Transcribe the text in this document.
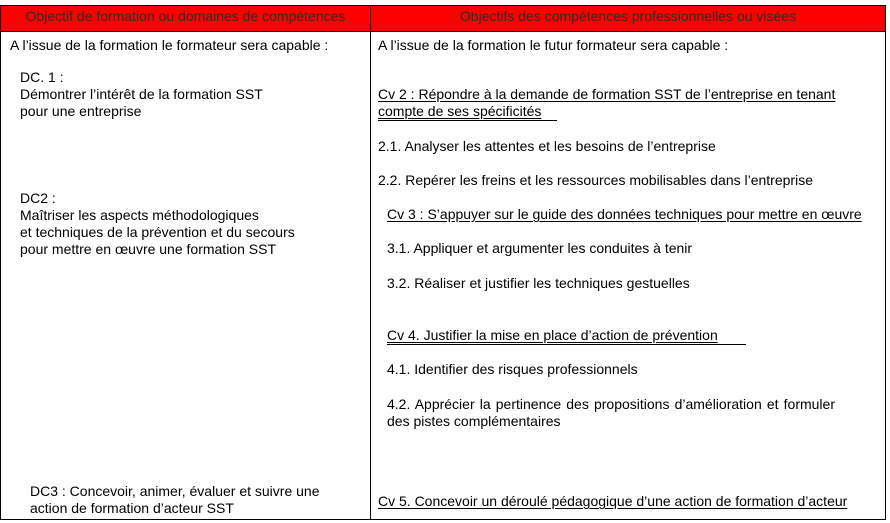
Objectif de formation ou domaines de compétences	Objectifs des compétences professionnelles ou visées
A l’issue de la formation le formateur sera capable :
DC. 1 :
Démontrer l’intérêt de la formation SST
pour une entreprise
DC2 :
Maîtriser les aspects méthodologiques
et techniques de la prévention et du secours
pour mettre en œuvre une formation SST
DC3 : Concevoir, animer, évaluer et suivre une
action de formation d’acteur SST
A l’issue de la formation le futur formateur sera capable :
Cv 2 : Répondre à la demande de formation SST de l’entreprise en tenant
compte de ses spécificités
2.1. Analyser les attentes et les besoins de l’entreprise
2.2. Repérer les freins et les ressources mobilisables dans l’entreprise
Cv 3 : S’appuyer sur le guide des données techniques pour mettre en œuvre
3.1. Appliquer et argumenter les conduites à tenir
3.2. Réaliser et justifier les techniques gestuelles
Cv 4. Justifier la mise en place d’action de prévention
4.1. Identifier des risques professionnels
4.2. Apprécier la pertinence des propositions d’amélioration et formuler des pistes complémentaires
Cv 5. Concevoir un déroulé pédagogique d’une action de formation d’acteur
